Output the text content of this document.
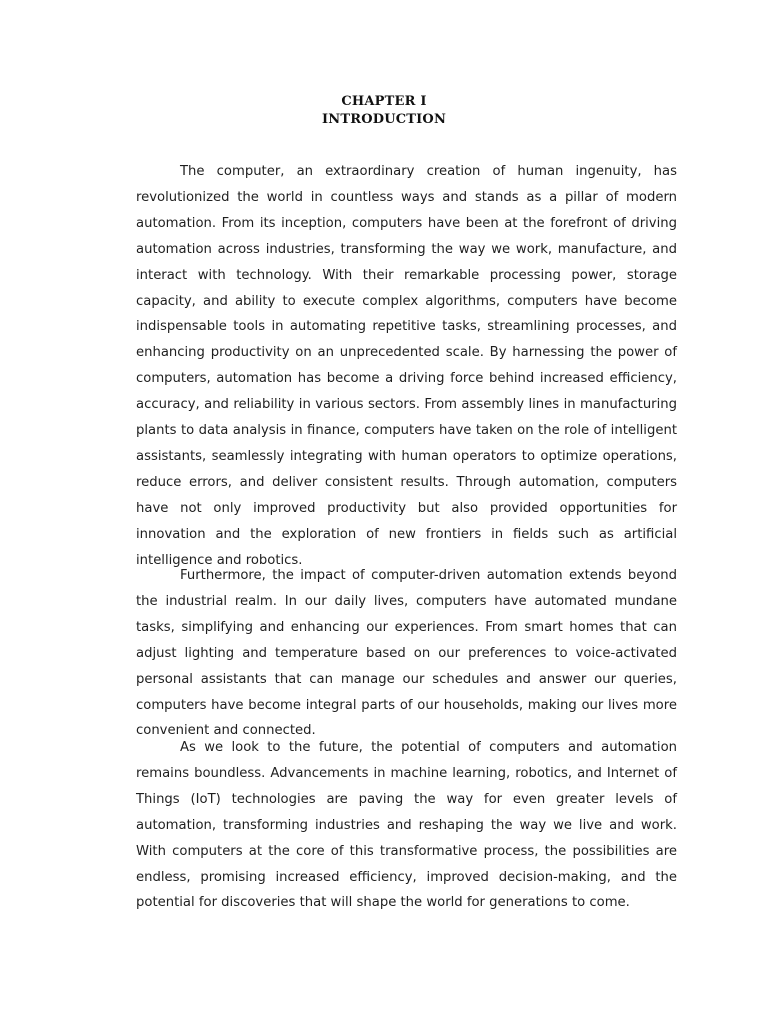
CHAPTER I
INTRODUCTION

The computer, an extraordinary creation of human ingenuity, has revolutionized the world in countless ways and stands as a pillar of modern automation. From its inception, computers have been at the forefront of driving automation across industries, transforming the way we work, manufacture, and interact with technology. With their remarkable processing power, storage capacity, and ability to execute complex algorithms, computers have become indispensable tools in automating repetitive tasks, streamlining processes, and enhancing productivity on an unprecedented scale. By harnessing the power of computers, automation has become a driving force behind increased efficiency, accuracy, and reliability in various sectors. From assembly lines in manufacturing plants to data analysis in finance, computers have taken on the role of intelligent assistants, seamlessly integrating with human operators to optimize operations, reduce errors, and deliver consistent results. Through automation, computers have not only improved productivity but also provided opportunities for innovation and the exploration of new frontiers in fields such as artificial intelligence and robotics.

Furthermore, the impact of computer-driven automation extends beyond the industrial realm. In our daily lives, computers have automated mundane tasks, simplifying and enhancing our experiences. From smart homes that can adjust lighting and temperature based on our preferences to voice-activated personal assistants that can manage our schedules and answer our queries, computers have become integral parts of our households, making our lives more convenient and connected.

As we look to the future, the potential of computers and automation remains boundless. Advancements in machine learning, robotics, and Internet of Things (IoT) technologies are paving the way for even greater levels of automation, transforming industries and reshaping the way we live and work. With computers at the core of this transformative process, the possibilities are endless, promising increased efficiency, improved decision-making, and the potential for discoveries that will shape the world for generations to come.
